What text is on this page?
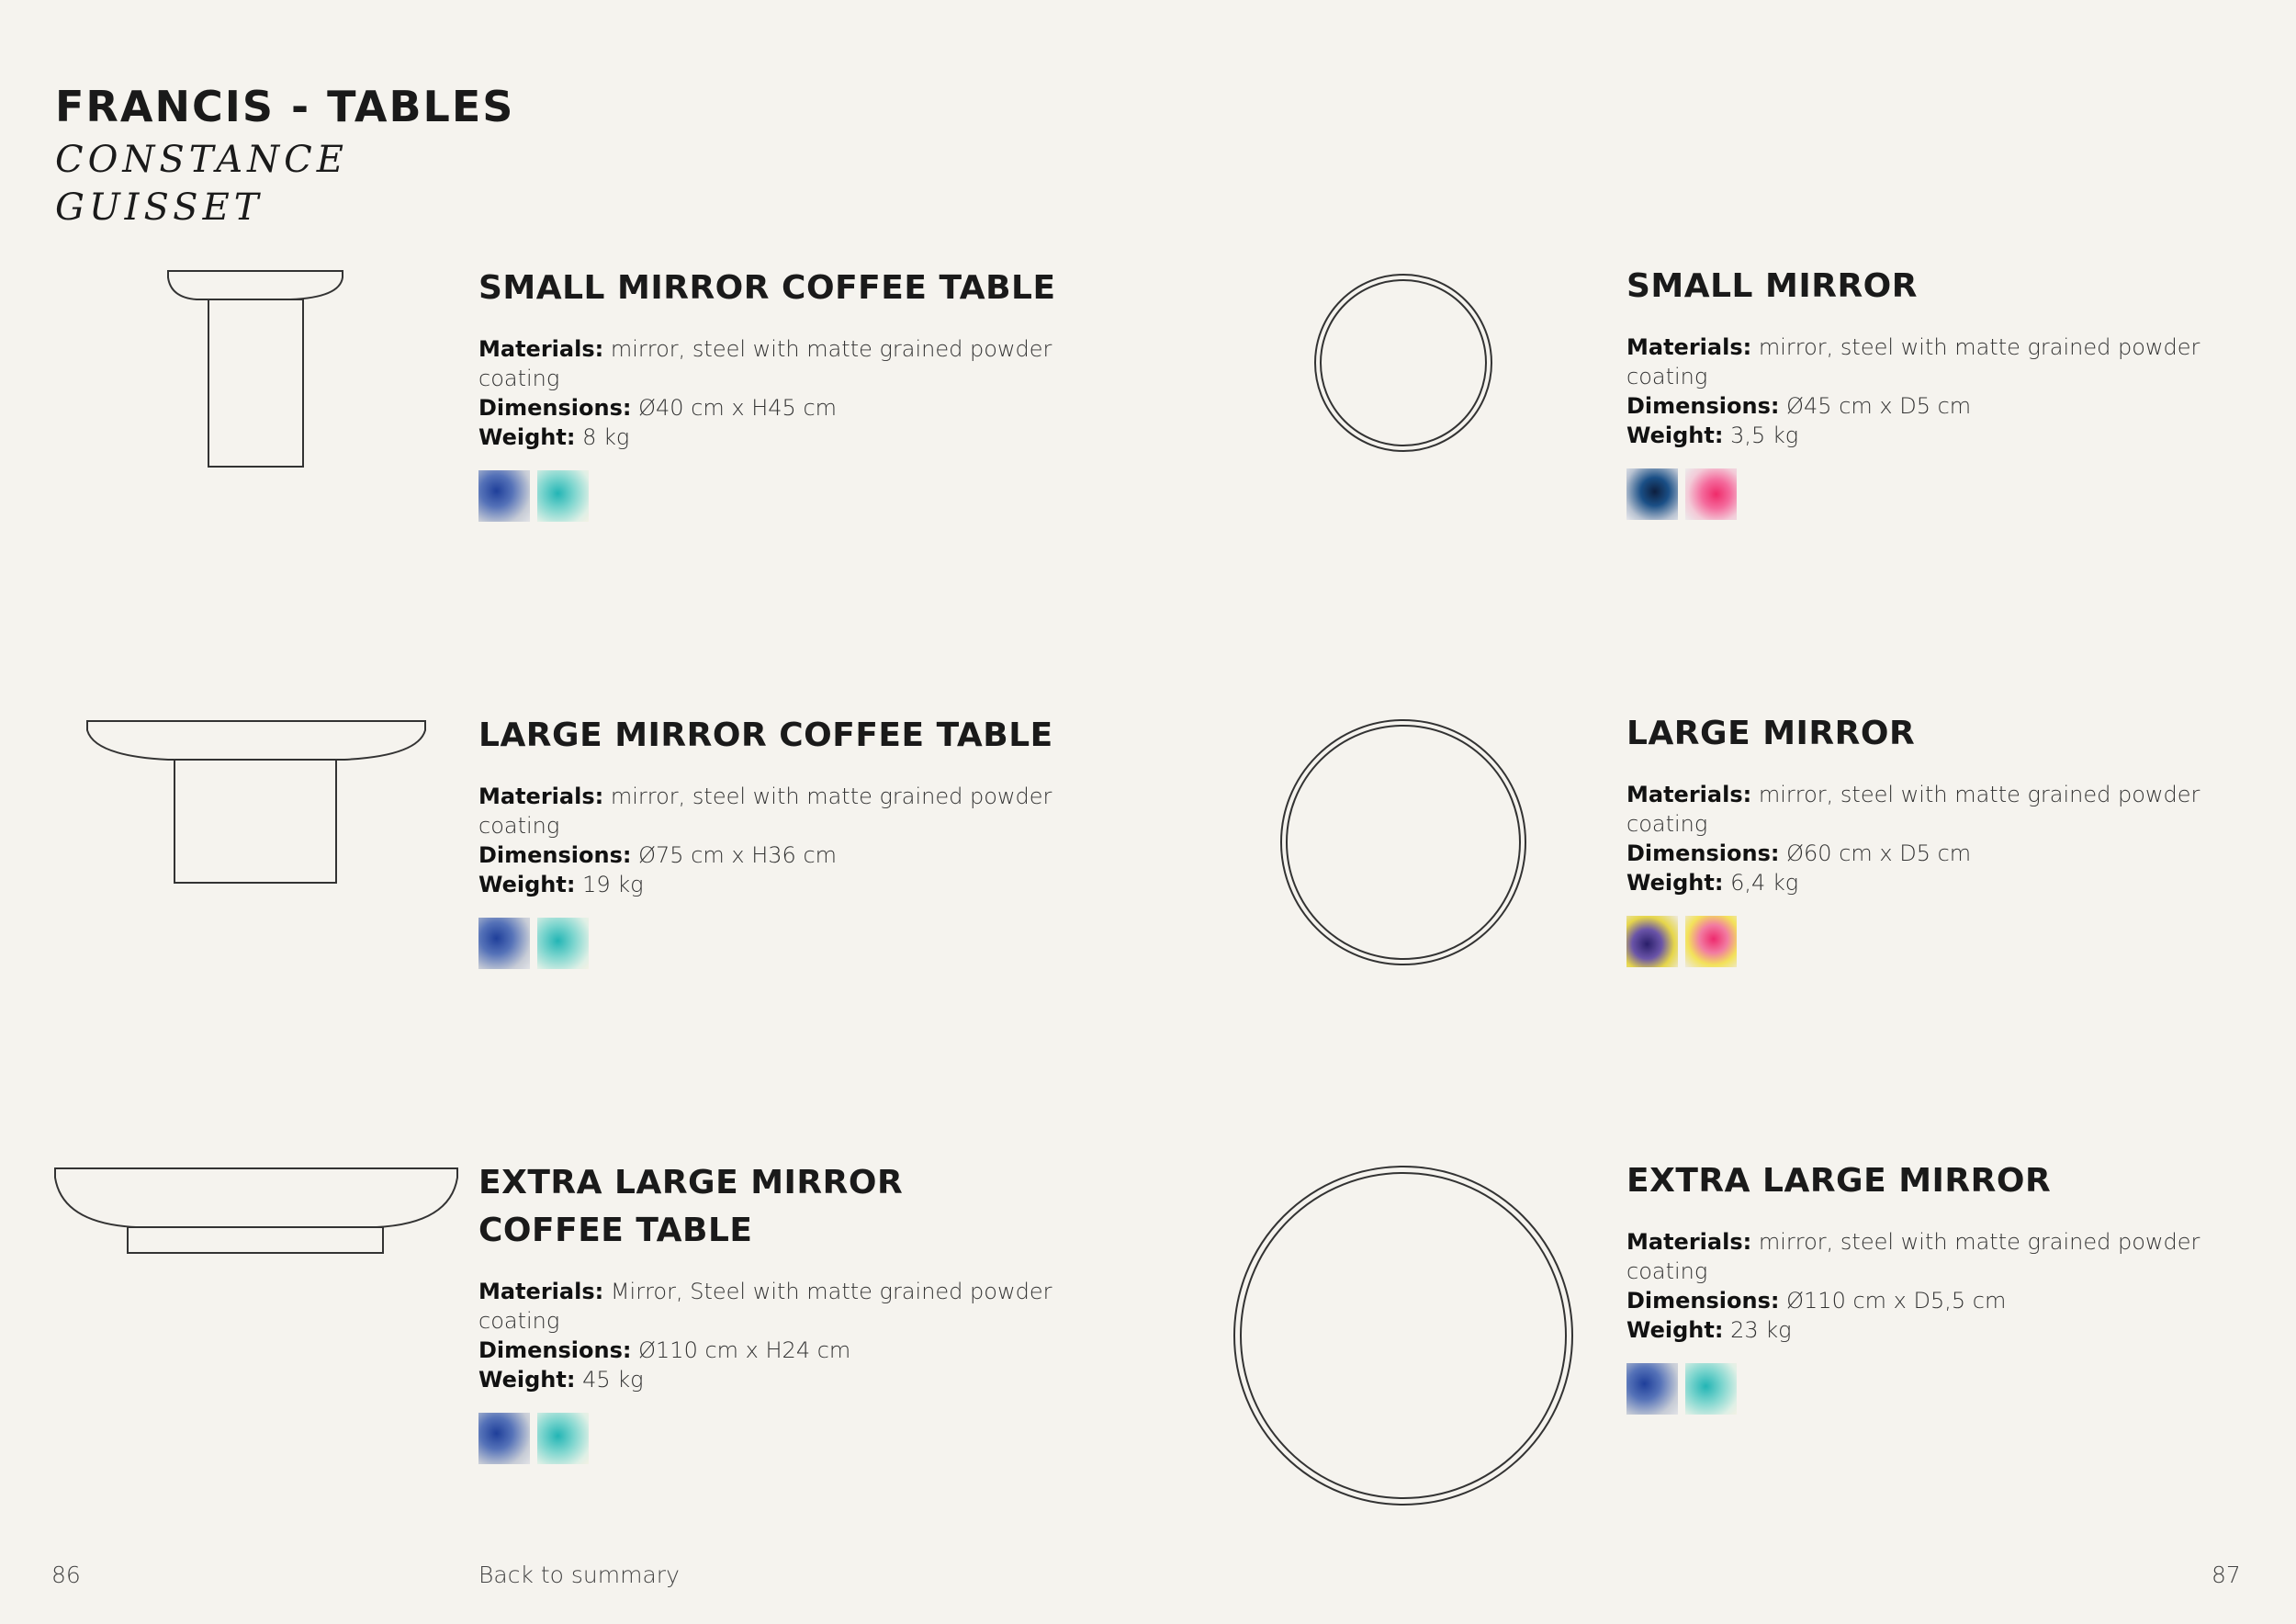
FRANCIS - TABLES
CONSTANCE GUISSET
SMALL MIRROR COFFEE TABLE
Materials: mirror, steel with matte grained powder coating
Dimensions: Ø40 cm x H45 cm
Weight: 8 kg
LARGE MIRROR COFFEE TABLE
Materials: mirror, steel with matte grained powder coating
Dimensions: Ø75 cm x H36 cm
Weight: 19 kg
EXTRA LARGE MIRROR
COFFEE TABLE
Materials: Mirror, Steel with matte grained powder coating
Dimensions: Ø110 cm x H24 cm
Weight: 45 kg
SMALL MIRROR
Materials: mirror, steel with matte grained powder coating
Dimensions: Ø45 cm x D5 cm
Weight: 3,5 kg
LARGE MIRROR
Materials: mirror, steel with matte grained powder coating
Dimensions: Ø60 cm x D5 cm
Weight: 6,4 kg
EXTRA LARGE MIRROR
Materials: mirror, steel with matte grained powder coating
Dimensions: Ø110 cm x D5,5 cm
Weight: 23 kg
86	Back to summary	87
